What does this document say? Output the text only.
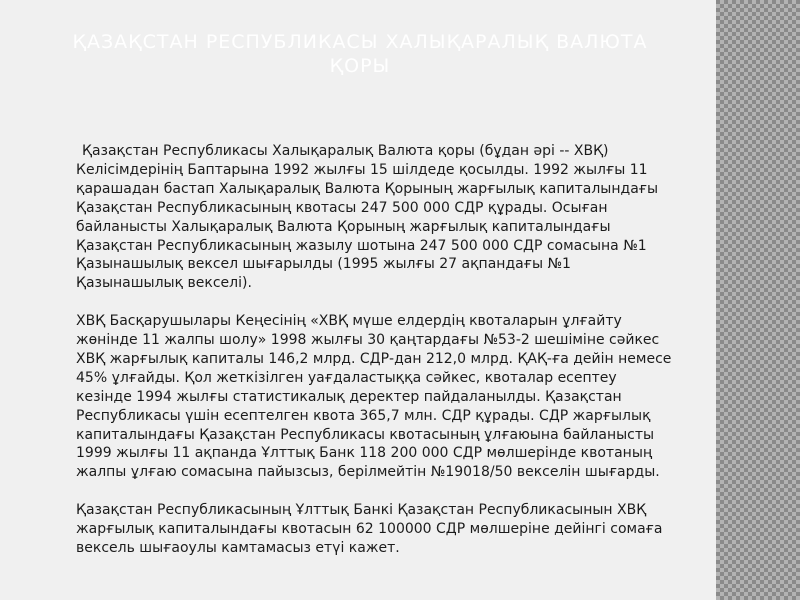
ҚАЗАҚСТАН РЕСПУБЛИКАСЫ ХАЛЫҚАРАЛЫҚ ВАЛЮТА ҚОРЫ

Қазақстан Республикасы Халықаралық Валюта қоры (бұдан әрі -- ХВҚ) Келісімдерінің Баптарына 1992 жылғы 15 шілдеде қосылды. 1992 жылғы 11 қарашадан бастап Халықаралық Валюта Қорының жарғылық капиталындағы Қазақстан Республикасының квотасы 247 500 000 СДР құрады. Осыған байланысты Халықаралық Валюта Қорының жарғылық капиталындағы Қазақстан Республикасының жазылу шотына 247 500 000 СДР сомасына №1 Қазынашылық вексел шығарылды (1995 жылғы 27 ақпандағы №1 Қазынашылық векселі).

ХВҚ Басқарушылары Кеңесінің «ХВҚ мүше елдердің квоталарын ұлғайту жөнінде 11 жалпы шолу» 1998 жылғы 30 қаңтардағы №53-2 шешіміне сәйкес ХВҚ жарғылық капиталы 146,2 млрд. СДР-дан 212,0 млрд. ҚАҚ-ға дейін немесе 45% ұлғайды. Қол жеткізілген уағдаластыққа сәйкес, квоталар есептеу кезінде 1994 жылғы статистикалық деректер пайдаланылды. Қазақстан Республикасы үшін есептелген квота 365,7 млн. СДР құрады. СДР жарғылық капиталындағы Қазақстан Республикасы квотасының ұлғаюына байланысты 1999 жылғы 11 ақпанда Ұлттық Банк 118 200 000 СДР мөлшерінде квотаның жалпы ұлғаю сомасына пайызсыз, берілмейтін №19018/50 векселін шығарды.

Қазақстан Республикасының Ұлттық Банкі Қазақстан Республикасынын ХВҚ жарғылық капиталындағы квотасын 62 100000 СДР мөлшеріне дейінгі сомаға вексель шығаоулы камтамасыз етүі кажет.
